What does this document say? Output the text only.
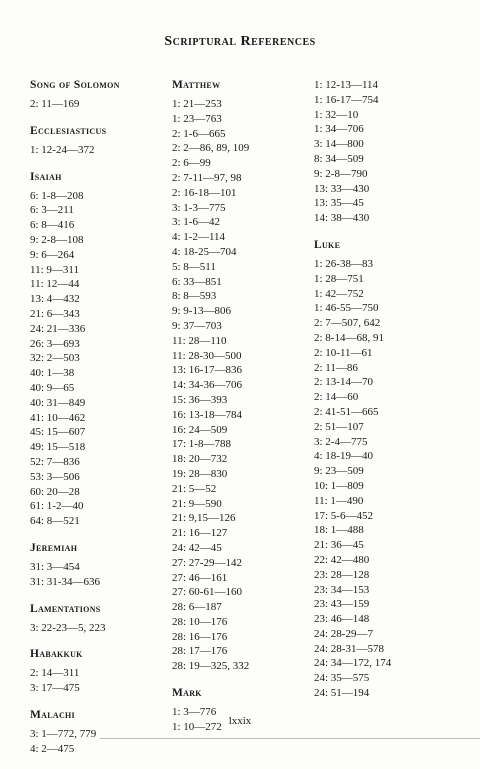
Scriptural References
Song of Solomon
2: 11—169
Ecclesiasticus
1: 12-24—372
Isaiah
6: 1-8—208
6: 3—211
6: 8—416
9: 2-8—108
9: 6—264
11: 9—311
11: 12—44
13: 4—432
21: 6—343
24: 21—336
26: 3—693
32: 2—503
40: 1—38
40: 9—65
40: 31—849
41: 10—462
45: 15—607
49: 15—518
52: 7—836
53: 3—506
60: 20—28
61: 1-2—40
64: 8—521
Jeremiah
31: 3—454
31: 31-34—636
Lamentations
3: 22-23—5, 223
Habakkuk
2: 14—311
3: 17—475
Malachi
3: 1—772, 779
4: 2—475
Matthew
1: 21—253
1: 23—763
2: 1-6—665
2: 2—86, 89, 109
2: 6—99
2: 7-11—97, 98
2: 16-18—101
3: 1-3—775
3: 1-6—42
4: 1-2—114
4: 18-25—704
5: 8—511
6: 33—851
8: 8—593
9: 9-13—806
9: 37—703
11: 28—110
11: 28-30—500
13: 16-17—836
14: 34-36—706
15: 36—393
16: 13-18—784
16: 24—509
17: 1-8—788
18: 20—732
19: 28—830
21: 5—52
21: 9—590
21: 9,15—126
21: 16—127
24: 42—45
27: 27-29—142
27: 46—161
27: 60-61—160
28: 6—187
28: 10—176
28: 16—176
28: 17—176
28: 19—325, 332
Mark
1: 3—776
1: 10—272
1: 12-13—114
1: 16-17—754
1: 32—10
1: 34—706
3: 14—800
8: 34—509
9: 2-8—790
13: 33—430
13: 35—45
14: 38—430
Luke
1: 26-38—83
1: 28—751
1: 42—752
1: 46-55—750
2: 7—507, 642
2: 8-14—68, 91
2: 10-11—61
2: 11—86
2: 13-14—70
2: 14—60
2: 41-51—665
2: 51—107
3: 2-4—775
4: 18-19—40
9: 23—509
10: 1—809
11: 1—490
17: 5-6—452
18: 1—488
21: 36—45
22: 42—480
23: 28—128
23: 34—153
23: 43—159
23: 46—148
24: 28-29—7
24: 28-31—578
24: 34—172, 174
24: 35—575
24: 51—194
lxxix
